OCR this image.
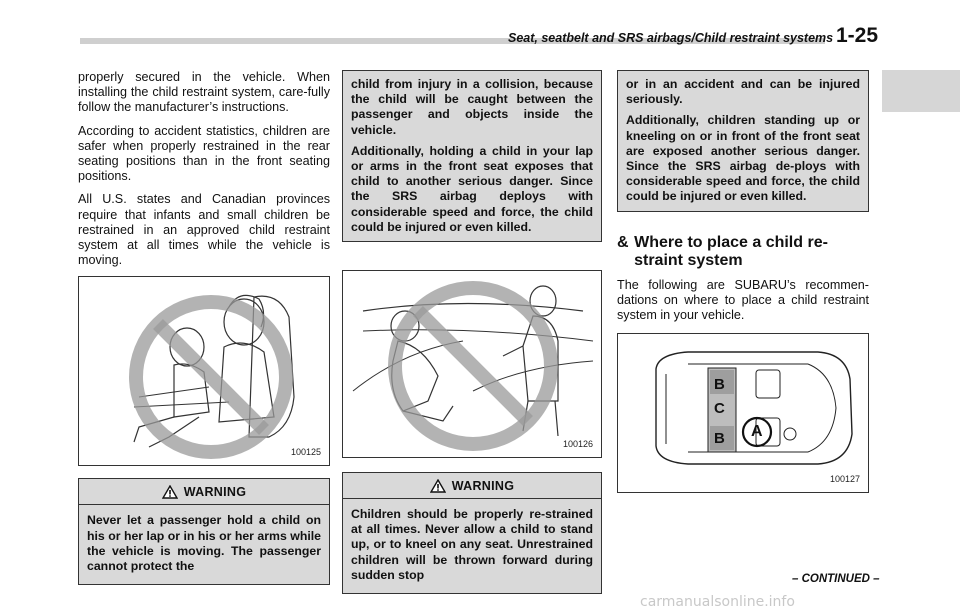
Seat, seatbelt and SRS airbags/Child restraint systems 1-25

properly secured in the vehicle. When installing the child restraint system, care-fully follow the manufacturer’s instructions.

According to accident statistics, children are safer when properly restrained in the rear seating positions than in the front seating positions.

All U.S. states and Canadian provinces require that infants and small children be restrained in an approved child restraint system at all times while the vehicle is moving.

100125
WARNING

Never let a passenger hold a child on his or her lap or in his or her arms while the vehicle is moving. The passenger cannot protect the

child from injury in a collision, because the child will be caught between the passenger and objects inside the vehicle.

Additionally, holding a child in your lap or arms in the front seat exposes that child to another serious danger. Since the SRS airbag deploys with considerable speed and force, the child could be injured or even killed.

100126
WARNING

Children should be properly re-strained at all times. Never allow a child to stand up, or to kneel on any seat. Unrestrained children will be thrown forward during sudden stop

or in an accident and can be injured seriously.

Additionally, children standing up or kneeling on or in front of the front seat are exposed another serious danger. Since the SRS airbag de-ploys with considerable speed and force, the child could be injured or even killed.

& Where to place a child re-straint system

The following are SUBARU’s recommen-dations on where to place a child restraint system in your vehicle.

B
C
B A
100127
– CONTINUED –
carmanualsonline.info
